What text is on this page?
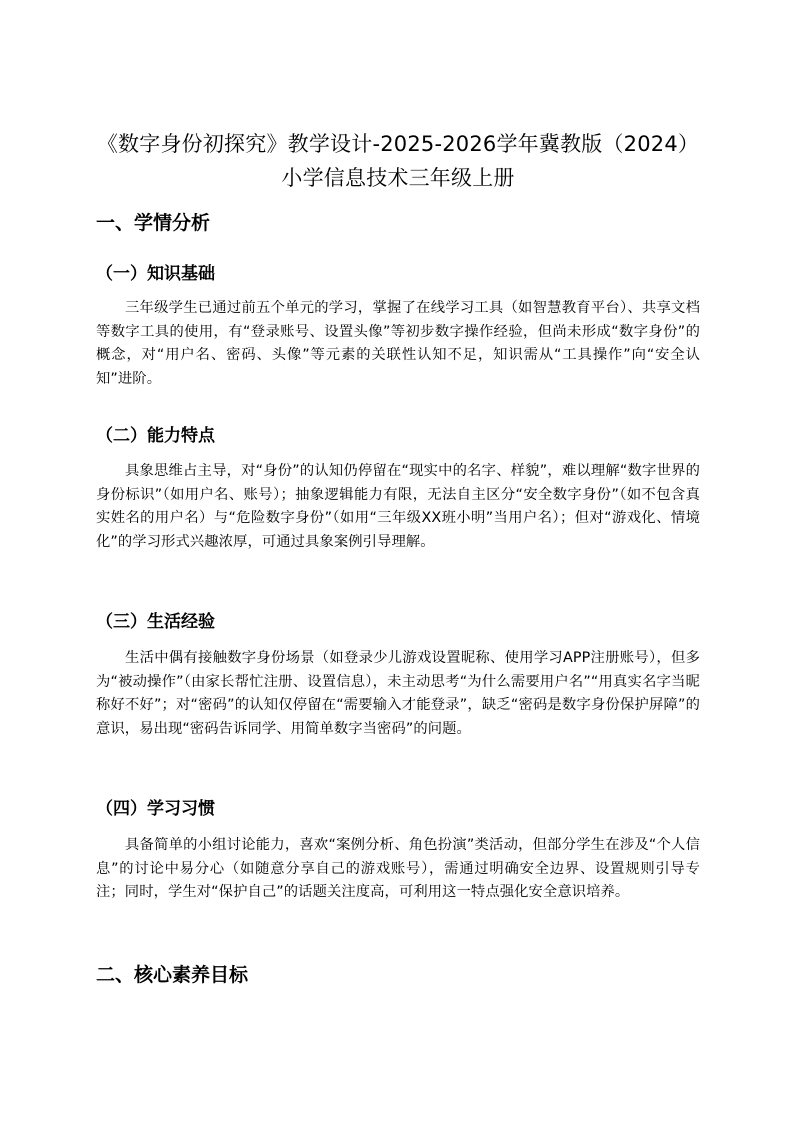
《数字身份初探究》教学设计-2025-2026学年冀教版（2024）小学信息技术三年级上册
一、学情分析
（一）知识基础

三年级学生已通过前五个单元的学习，掌握了在线学习工具（如智慧教育平台）、共享文档等数字工具的使用，有“登录账号、设置头像”等初步数字操作经验，但尚未形成“数字身份”的概念，对“用户名、密码、头像”等元素的关联性认知不足，知识需从“工具操作”向“安全认知”进阶。

（二）能力特点

具象思维占主导，对“身份”的认知仍停留在“现实中的名字、样貌”，难以理解“数字世界的身份标识”（如用户名、账号）；抽象逻辑能力有限，无法自主区分“安全数字身份”（如不包含真实姓名的用户名）与“危险数字身份”（如用“三年级XX班小明”当用户名）；但对“游戏化、情境化”的学习形式兴趣浓厚，可通过具象案例引导理解。

（三）生活经验

生活中偶有接触数字身份场景（如登录少儿游戏设置昵称、使用学习APP注册账号），但多为“被动操作”（由家长帮忙注册、设置信息），未主动思考“为什么需要用户名”“用真实名字当昵称好不好”；对“密码”的认知仅停留在“需要输入才能登录”，缺乏“密码是数字身份保护屏障”的意识，易出现“密码告诉同学、用简单数字当密码”的问题。

（四）学习习惯

具备简单的小组讨论能力，喜欢“案例分析、角色扮演”类活动，但部分学生在涉及“个人信息”的讨论中易分心（如随意分享自己的游戏账号），需通过明确安全边界、设置规则引导专注；同时，学生对“保护自己”的话题关注度高，可利用这一特点强化安全意识培养。

二、核心素养目标
